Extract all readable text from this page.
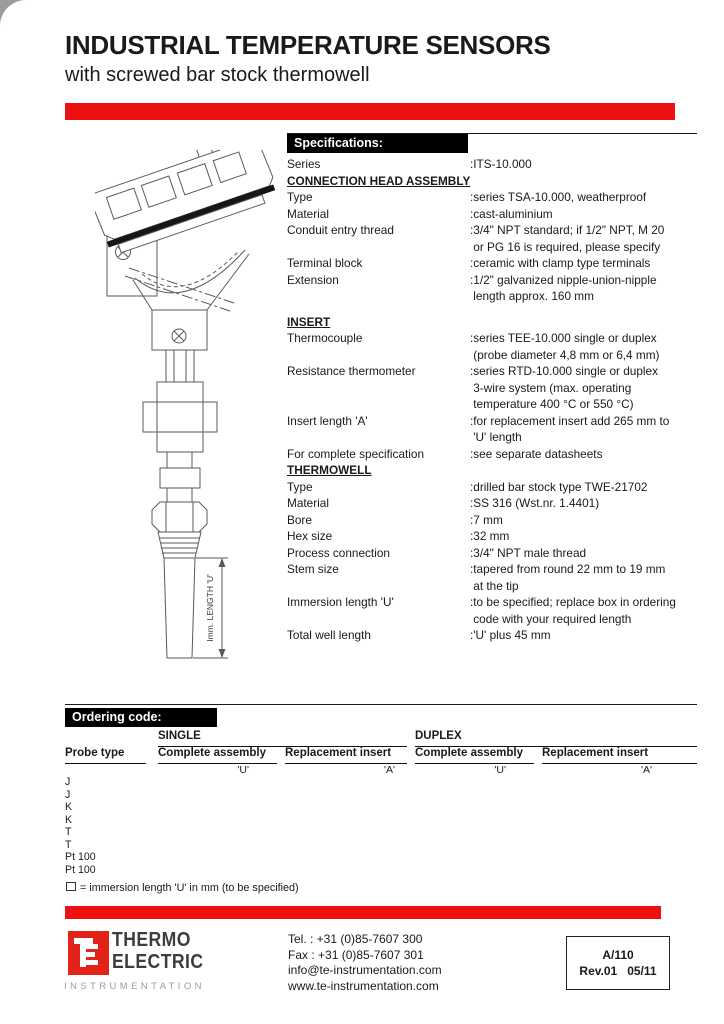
INDUSTRIAL TEMPERATURE SENSORS
with screwed bar stock thermowell
Imm. LENGTH 'U'
Specifications:
Series	:ITS-10.000
CONNECTION HEAD ASSEMBLY
Type	:series TSA-10.000, weatherproof
Material	:cast-aluminium
Conduit entry thread	:3/4" NPT standard; if 1/2" NPT, M 20
or PG 16 is required, please specify
Terminal block	:ceramic with clamp type terminals
Extension	:1/2" galvanized nipple-union-nipple
length approx. 160 mm
INSERT
Thermocouple	:series TEE-10.000 single or duplex
(probe diameter 4,8 mm or 6,4 mm)
Resistance thermometer	:series RTD-10.000 single or duplex
3-wire system (max. operating
temperature 400 °C or 550 °C)
Insert length 'A'	:for replacement insert add 265 mm to
'U' length
For complete specification	:see separate datasheets
THERMOWELL
Type	:drilled bar stock type TWE-21702
Material	:SS 316 (Wst.nr. 1.4401)
Bore	:7 mm
Hex size	:32 mm
Process connection	:3/4" NPT male thread
Stem size	:tapered from round 22 mm to 19 mm
at the tip
Immersion length 'U'	:to be specified; replace box in ordering
code with your required length
Total well length	:'U' plus 45 mm
Ordering code:
SINGLE	DUPLEX
Probe type	Complete assembly	Replacement insert	Complete assembly	Replacement insert
'U'	'A'	'U'	'A'
J
J
K
K
T
T
Pt 100
Pt 100
= immersion length 'U' in mm (to be specified)
THERMO
ELECTRIC
INSTRUMENTATION
Tel. : +31 (0)85-7607 300
Fax : +31 (0)85-7607 301
info@te-instrumentation.com
www.te-instrumentation.com
A/110
Rev.01   05/11
